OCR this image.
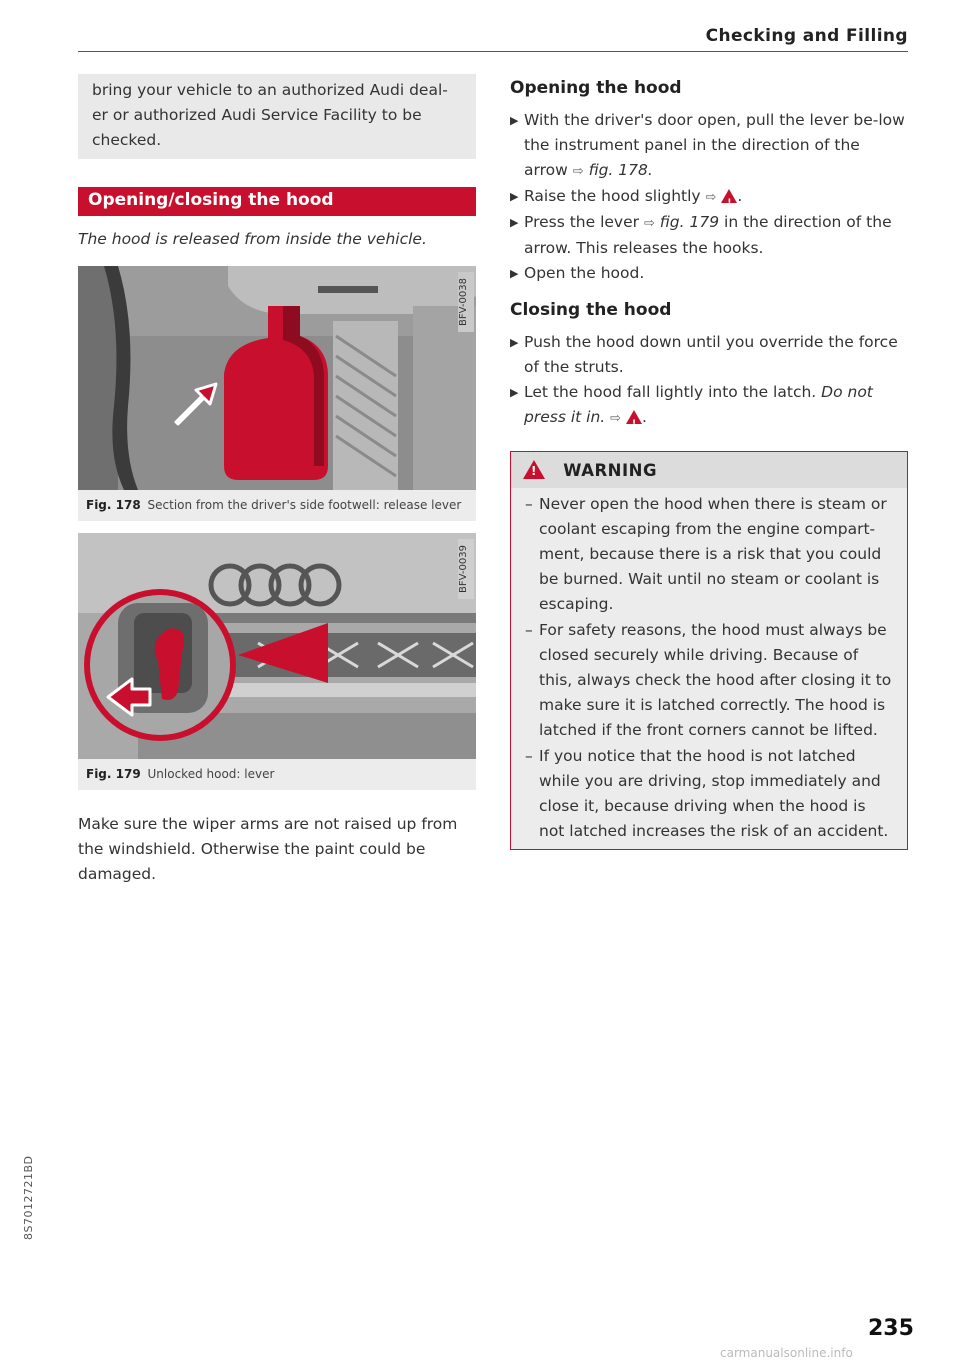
Checking and Filling
bring your vehicle to an authorized Audi deal-er or authorized Audi Service Facility to be checked.
Opening/closing the hood
The hood is released from inside the vehicle.
BFV-0038
Fig. 178 Section from the driver's side footwell: release lever
BFV-0039
Fig. 179 Unlocked hood: lever
Make sure the wiper arms are not raised up from the windshield. Otherwise the paint could be damaged.
Opening the hood
▶ With the driver's door open, pull the lever be-low the instrument panel in the direction of the arrow ⇨ fig. 178.
▶ Raise the hood slightly ⇨ ! .
▶ Press the lever ⇨ fig. 179 in the direction of the arrow. This releases the hooks.
▶ Open the hood.
Closing the hood
▶ Push the hood down until you override the force of the struts.
▶ Let the hood fall lightly into the latch. Do not press it in. ⇨ ! .
! WARNING
– Never open the hood when there is steam or coolant escaping from the engine compart-ment, because there is a risk that you could be burned. Wait until no steam or coolant is escaping.
– For safety reasons, the hood must always be closed securely while driving. Because of this, always check the hood after closing it to make sure it is latched correctly. The hood is latched if the front corners cannot be lifted.
– If you notice that the hood is not latched while you are driving, stop immediately and close it, because driving when the hood is not latched increases the risk of an accident.
8S7012721BD
235
carmanualsonline.info
